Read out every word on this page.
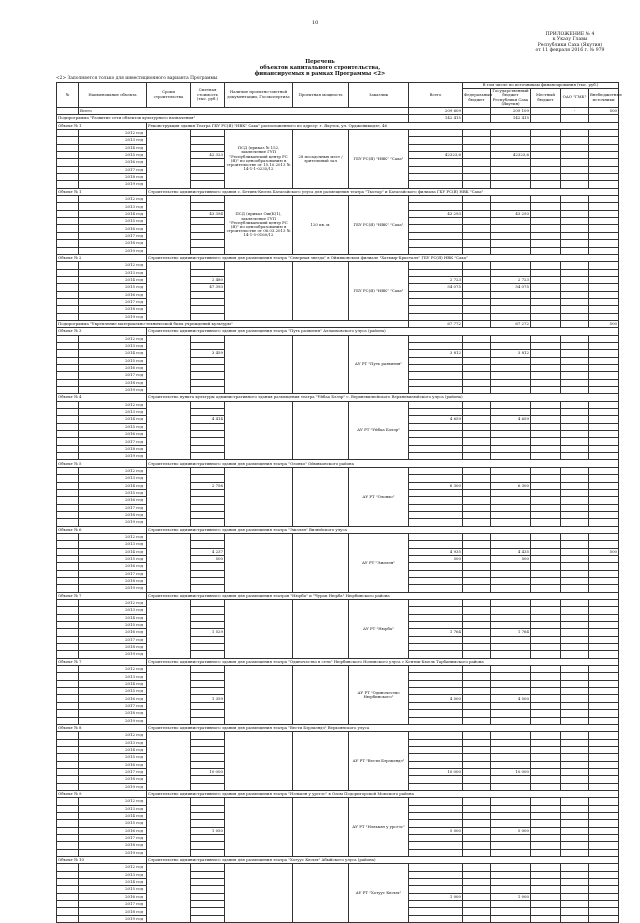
10
ПРИЛОЖЕНИЕ № 4
к Указу Главы
Республики Саха (Якутия)
от 11 февраля 2016 г. № 979
Перечень
объектов капитального строительства,
финансируемых в рамках Программы <2>
<2> Заполняется только для инвестиционного варианта Программы
№	Наименование объекта	Сроки строительства	Сметная стоимость (тыс. руб.)	Наличие проектно-сметной документации, Госэкспертиза	Проектная мощность	Заказчик	Всего	В том числе по источникам финансирования (тыс. руб.)				
								Федеральный бюджет	Государственный бюджет Республики Саха (Якутия)	Местный бюджет	ОАО "ГМК"	Внебюджетные источники
	Всего						209 609		209 109		-	500
Подпрограмма "Развитие сети объектов культурного назначения"							142 415		142 415			
Объект № 1		Реконструкция здания Театра ГБУ РС(Я) "НВК" Саха" расположенного по адресу: г. Якутск, ул. Орджоникидзе, 46										
	2012 год			ПСД (приказ № 152, заключение ГУП "Республиканский центр РС (Я)" по ценообразованию в строительстве от 15.10.2013 № 14-1-1-0235/12	28 посадочных мест / зрительный зал	ГБУ РС(Я) "НВК" "Саха"						
	2013 год											
	2014 год											
	2015 год		42 323				42323,6		42323,6			
	2016 год											
	2017 год											
	2018 год											
	2019 год											
Объект № 1		Строительство административного здания с. Бетинь-Кюель Батагайского улуса для размещения театра "Тыстар" и Батагайского филиала ГБУ РС(Я) НВК "Саха"										
	2012 год			ПСД (приказ Ош(К)1), заключение ГУП "Республиканский центр РС (Я)" по ценообразованию в строительстве от 06.03.2013 № 14-1-5-0160/12	120 кв. м.	ГБУ РС(Я) "НВК" "Саха"						
	2013 год											
	2014 год		43 394				43 293		43 293			
	2015 год											
	2016 год											
	2017 год											
	2018 год											
	2019 год											
Объект № 2		Строительство административного здания для размещения театра "Северная звезда" в Оймяконском филиале "Хатыыр-Кристалл" ГБУ РС(Я) НВК "Саха"										
	2012 год					ГБУ РС(Я) "НВК" "Саха"						
	2013 год											
	2014 год		2 480				2 723		2 723			
	2015 год		47 393				54 075		54 075			
	2016 год											
	2017 год											
	2018 год											
	2019 год											
Подпрограмма "Укрепление материально-технической базы учреждений культуры"							67 772		67 272			500
Объект № 3		Строительство административного здания для размещения театра "Путь развития" Аллаиховского улуса (района)										
	2012 год					АУ РТ "Путь развития"						
	2013 год											
	2014 год		3 459				3 812		3 812			
	2015 год											
	2016 год											
	2017 год											
	2018 год											
	2019 год											
Объект № 4		Строительство пункта культуры административного здания размещения театра "Уйбаа Бэлэр" с. Верхневилюйского Верхневилюйского улуса (района)										
	2012 год					АУ РТ "Уйбаа Бэлэр"						
	2013 год											
	2014 год		4 414				4 659		4 659			
	2015 год											
	2016 год											
	2017 год											
	2018 год											
	2019 год											
Объект № 5		Строительство административного здания для размещения театра "Олонхо" Оймяконского района										
	2012 год					АУ РТ "Олонхо"						
	2013 год											
	2014 год		2 756				6 300		6 300			
	2015 год											
	2016 год											
	2017 год											
	2018 год											
	2019 год											
Объект № 6		Строительство административного здания для размещения театра "Эжэлэн" Вилюйского улуса										
	2012 год					АУ РТ "Эжэлэн"						
	2013 год											
	2014 год		4 237				4 935		4 435			500
	2015 год		500				500		500			
	2016 год											
	2017 год											
	2018 год											
	2019 год											
Объект № 7		Строительство административного здания для размещения театров "Нюрба" и "Чурап Нюрба" Нюрбинского района										
	2012 год					АУ РТ "Нюрба"						
	2013 год											
	2014 год											
	2015 год											
	2016 год		1 529				1 764		1 764			
	2017 год											
	2018 год											
	2019 год											
Объект № 7		Строительство административного здания для размещения театра "Одиночество в сети" Нюрбинского Нолинского улуса с Кентик-Кюель Тарбанимского района										
	2012 год					АУ РТ "Одиночество Нюрбинского"						
	2013 год											
	2014 год											
	2015 год											
	2016 год		1 359				4 500		4 500			
	2017 год											
	2018 год											
	2019 год											
Объект № 8		Строительство административного здания для размещения театра "Вести Бэрэкэндэ" Верхоянского улуса										
	2012 год					АУ РТ "Вести Бэрэкэндэ"						
	2013 год											
	2014 год											
	2015 год											
	2016 год											
	2017 год		10 000				10 000		10 000			
	2018 год											
	2019 год											
Объект № 9		Строительство административного здания для размещения театра "Нэлькэн у урсгэс" в Олом Подоригорской Момского района										
	2012 год					АУ РТ "Нэлькэн у урсгэс"						
	2013 год											
	2014 год											
	2015 год											
	2016 год		1 050				5 000		5 000			
	2017 год											
	2018 год											
	2019 год											
Объект № 10		Строительство административного здания для размещения театра "Хотуус Кюлэх" Абыйского улуса (района)										
	2012 год					АУ РТ "Хотуус Кюлэх"						
	2013 год											
	2014 год											
	2015 год											
	2016 год						1 000		1 000			
	2017 год											
	2018 год											
	2019 год											
